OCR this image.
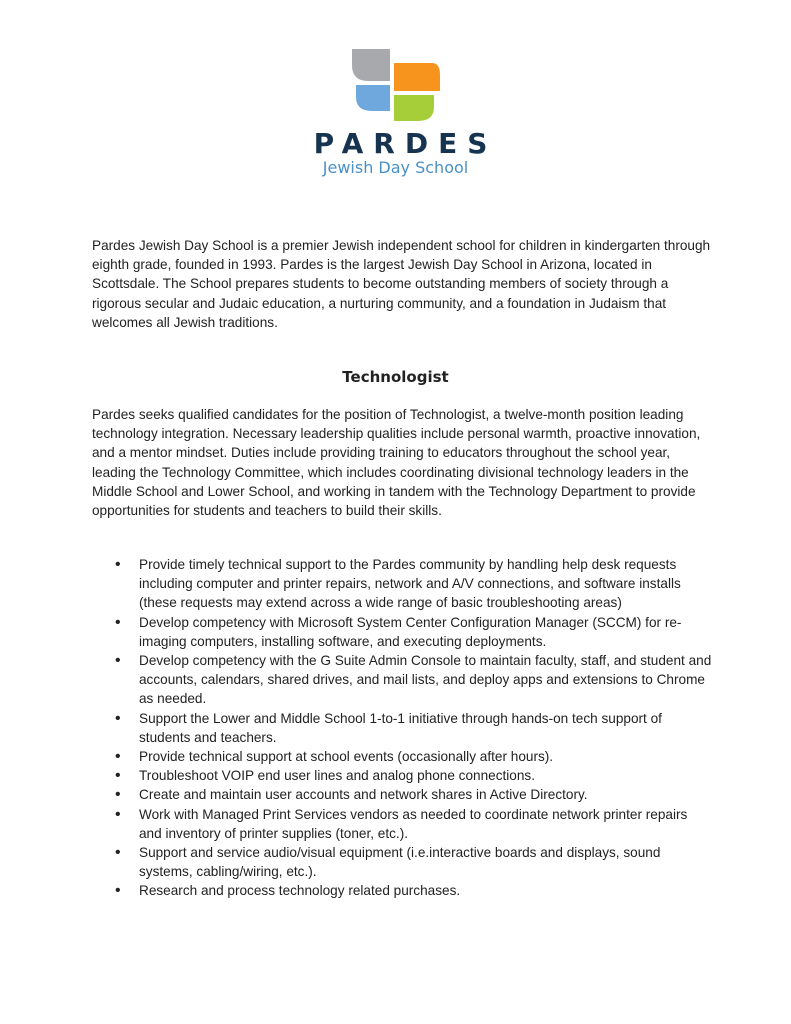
PARDES
Jewish Day School

Pardes Jewish Day School is a premier Jewish independent school for children in kindergarten through eighth grade, founded in 1993. Pardes is the largest Jewish Day School in Arizona, located in Scottsdale. The School prepares students to become outstanding members of society through a rigorous secular and Judaic education, a nurturing community, and a foundation in Judaism that welcomes all Jewish traditions.

Technologist

Pardes seeks qualified candidates for the position of Technologist, a twelve-month position leading technology integration. Necessary leadership qualities include personal warmth, proactive innovation, and a mentor mindset. Duties include providing training to educators throughout the school year, leading the Technology Committee, which includes coordinating divisional technology leaders in the Middle School and Lower School, and working in tandem with the Technology Department to provide opportunities for students and teachers to build their skills.

• Provide timely technical support to the Pardes community by handling help desk requests including computer and printer repairs, network and A/V connections, and software installs (these requests may extend across a wide range of basic troubleshooting areas)
• Develop competency with Microsoft System Center Configuration Manager (SCCM) for re-imaging computers, installing software, and executing deployments.
• Develop competency with the G Suite Admin Console to maintain faculty, staff, and student and accounts, calendars, shared drives, and mail lists, and deploy apps and extensions to Chrome as needed.
• Support the Lower and Middle School 1-to-1 initiative through hands-on tech support of students and teachers.
• Provide technical support at school events (occasionally after hours).
• Troubleshoot VOIP end user lines and analog phone connections.
• Create and maintain user accounts and network shares in Active Directory.
• Work with Managed Print Services vendors as needed to coordinate network printer repairs and inventory of printer supplies (toner, etc.).
• Support and service audio/visual equipment (i.e.interactive boards and displays, sound systems, cabling/wiring, etc.).
• Research and process technology related purchases.
